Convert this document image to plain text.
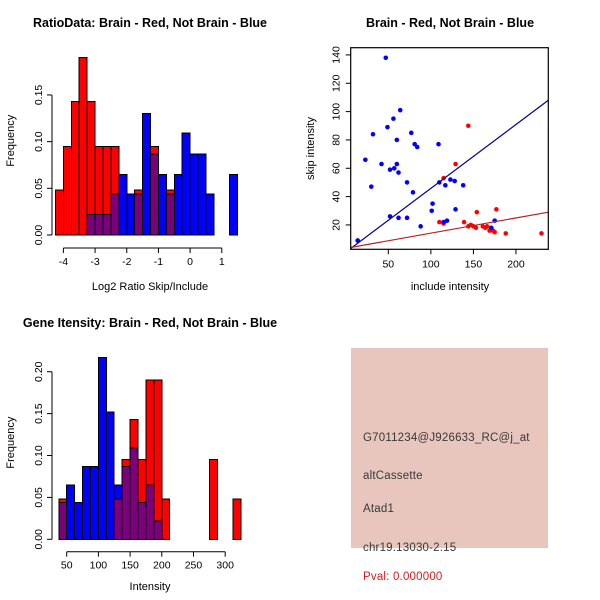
RatioData: Brain - Red, Not Brain - Blue
Log2 Ratio Skip/Include
Frequency
-4 -3 -2 -1 0 1
0.00
0.05
0.10
0.15
Brain - Red, Not Brain - Blue
include intensity
skip intensity
50	100 150 200
20
40
60
80
100
120
140
Gene Itensity: Brain - Red, Not Brain - Blue
Intensity
Frequency
50 100 150 200 250 300
0.00
0.05
0.10
0.15
0.20
G7011234@J926633_RC@j_at
altCassette
Atad1
chr19.13030-2.15
Pval: 0.000000
